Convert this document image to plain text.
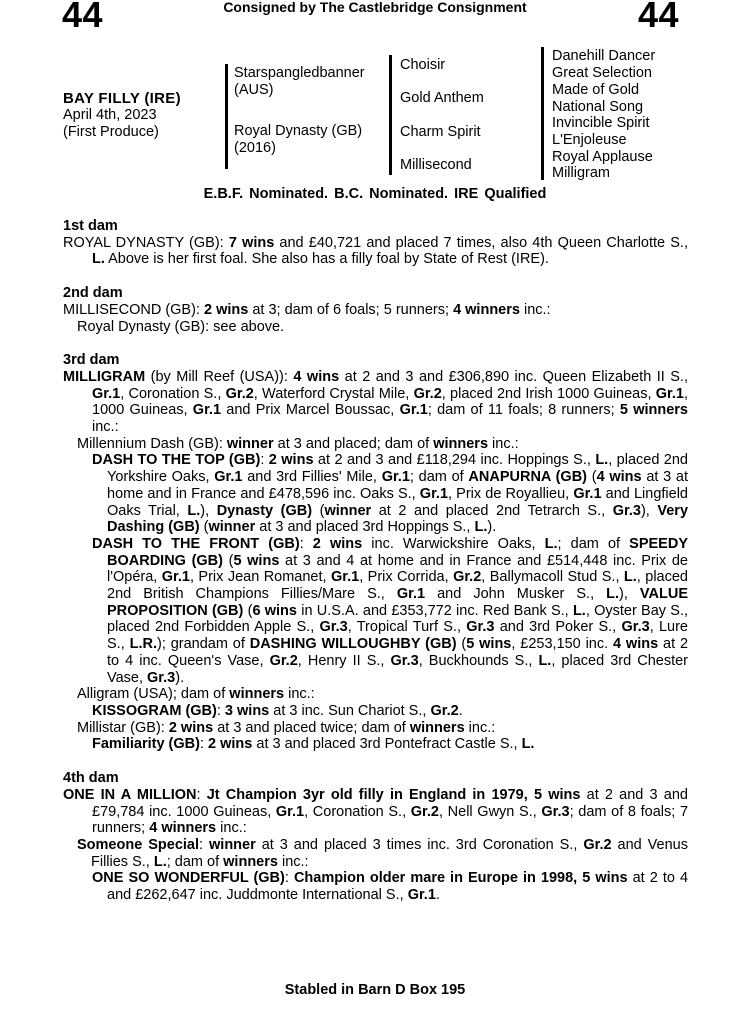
44	Consigned by The Castlebridge Consignment	44
BAY FILLY (IRE)
April 4th, 2023
(First Produce)
Starspangledbanner
(AUS)
Royal Dynasty (GB)
(2016)
Choisir
Gold Anthem
Charm Spirit
Millisecond
Danehill Dancer
Great Selection
Made of Gold
National Song
Invincible Spirit
L'Enjoleuse
Royal Applause
Milligram
E.B.F. Nominated. B.C. Nominated. IRE Qualified
1st dam
ROYAL DYNASTY (GB): 7 wins and £40,721 and placed 7 times, also 4th Queen Charlotte S., L. Above is her first foal. She also has a filly foal by State of Rest (IRE).
2nd dam
MILLISECOND (GB): 2 wins at 3; dam of 6 foals; 5 runners; 4 winners inc.:
Royal Dynasty (GB): see above.
3rd dam
MILLIGRAM (by Mill Reef (USA)): 4 wins at 2 and 3 and £306,890 inc. Queen Elizabeth II S., Gr.1, Coronation S., Gr.2, Waterford Crystal Mile, Gr.2, placed 2nd Irish 1000 Guineas, Gr.1, 1000 Guineas, Gr.1 and Prix Marcel Boussac, Gr.1; dam of 11 foals; 8 runners; 5 winners inc.:
Millennium Dash (GB): winner at 3 and placed; dam of winners inc.:
DASH TO THE TOP (GB): 2 wins at 2 and 3 and £118,294 inc. Hoppings S., L., placed 2nd Yorkshire Oaks, Gr.1 and 3rd Fillies' Mile, Gr.1; dam of ANAPURNA (GB) (4 wins at 3 at home and in France and £478,596 inc. Oaks S., Gr.1, Prix de Royallieu, Gr.1 and Lingfield Oaks Trial, L.), Dynasty (GB) (winner at 2 and placed 2nd Tetrarch S., Gr.3), Very Dashing (GB) (winner at 3 and placed 3rd Hoppings S., L.).
DASH TO THE FRONT (GB): 2 wins inc. Warwickshire Oaks, L.; dam of SPEEDY BOARDING (GB) (5 wins at 3 and 4 at home and in France and £514,448 inc. Prix de l'Opéra, Gr.1, Prix Jean Romanet, Gr.1, Prix Corrida, Gr.2, Ballymacoll Stud S., L., placed 2nd British Champions Fillies/Mare S., Gr.1 and John Musker S., L.), VALUE PROPOSITION (GB) (6 wins in U.S.A. and £353,772 inc. Red Bank S., L., Oyster Bay S., placed 2nd Forbidden Apple S., Gr.3, Tropical Turf S., Gr.3 and 3rd Poker S., Gr.3, Lure S., L.R.); grandam of DASHING WILLOUGHBY (GB) (5 wins, £253,150 inc. 4 wins at 2 to 4 inc. Queen's Vase, Gr.2, Henry II S., Gr.3, Buckhounds S., L., placed 3rd Chester Vase, Gr.3).
Alligram (USA); dam of winners inc.:
KISSOGRAM (GB): 3 wins at 3 inc. Sun Chariot S., Gr.2.
Millistar (GB): 2 wins at 3 and placed twice; dam of winners inc.:
Familiarity (GB): 2 wins at 3 and placed 3rd Pontefract Castle S., L.
4th dam
ONE IN A MILLION: Jt Champion 3yr old filly in England in 1979, 5 wins at 2 and 3 and £79,784 inc. 1000 Guineas, Gr.1, Coronation S., Gr.2, Nell Gwyn S., Gr.3; dam of 8 foals; 7 runners; 4 winners inc.:
Someone Special: winner at 3 and placed 3 times inc. 3rd Coronation S., Gr.2 and Venus Fillies S., L.; dam of winners inc.:
ONE SO WONDERFUL (GB): Champion older mare in Europe in 1998, 5 wins at 2 to 4 and £262,647 inc. Juddmonte International S., Gr.1.
Stabled in Barn D Box 195
